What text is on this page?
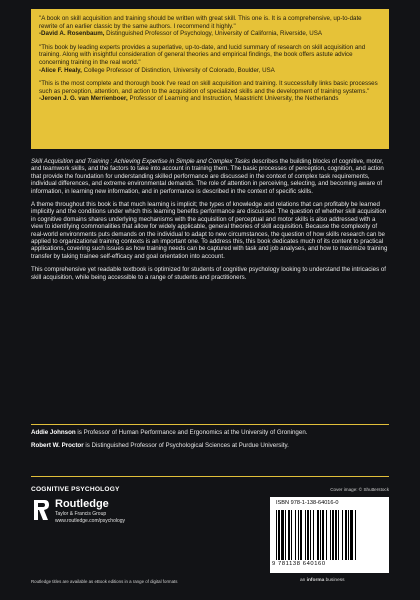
"A book on skill acquisition and training should be written with great skill. This one is. It is a comprehensive, up-to-date rewrite of an earlier classic by the same authors. I recommend it highly."
-David A. Rosenbaum, Distinguished Professor of Psychology, University of California, Riverside, USA
"This book by leading experts provides a superlative, up-to-date, and lucid summary of research on skill acquisition and training. Along with insightful consideration of general theories and empirical findings, the book offers astute advice concerning training in the real world."
-Alice F. Healy, College Professor of Distinction, University of Colorado, Boulder, USA
"This is the most complete and thorough book I've read on skill acquisition and training. It successfully links basic processes such as perception, attention, and action to the acquisition of specialized skills and the development of training systems."
-Jeroen J. G. van Merrienboer, Professor of Learning and Instruction, Maastricht University, the Netherlands

Skill Acquisition and Training : Achieving Expertise in Simple and Complex Tasks describes the building blocks of cognitive, motor, and teamwork skills, and the factors to take into account in training them. The basic processes of perception, cognition, and action that provide the foundation for understanding skilled performance are discussed in the context of complex task requirements, individual differences, and extreme environmental demands. The role of attention in perceiving, selecting, and becoming aware of information, in learning new information, and in performance is described in the context of specific skills.

A theme throughout this book is that much learning is implicit; the types of knowledge and relations that can profitably be learned implicitly and the conditions under which this learning benefits performance are discussed. The question of whether skill acquisition in cognitive domains shares underlying mechanisms with the acquisition of perceptual and motor skills is also addressed with a view to identifying commonalities that allow for widely applicable, general theories of skill acquisition. Because the complexity of real-world environments puts demands on the individual to adapt to new circumstances, the question of how skills research can be applied to organizational training contexts is an important one. To address this, this book dedicates much of its content to practical applications, covering such issues as how training needs can be captured with task and job analyses, and how to maximize training transfer by taking trainee self-efficacy and goal orientation into account.

This comprehensive yet readable textbook is optimized for students of cognitive psychology looking to understand the intricacies of skill acquisition, while being accessible to a range of students and practitioners.

Addie Johnson is Professor of Human Performance and Ergonomics at the University of Groningen.

Robert W. Proctor is Distinguished Professor of Psychological Sciences at Purdue University.

COGNITIVE PSYCHOLOGY	Cover image: © Shutterstock
Routledge
Taylor & Francis Group
www.routledge.com/psychology
ISBN 978-1-138-64016-0
9 781138 640160
Routledge titles are available as eBook editions in a range of digital formats	an informa business
